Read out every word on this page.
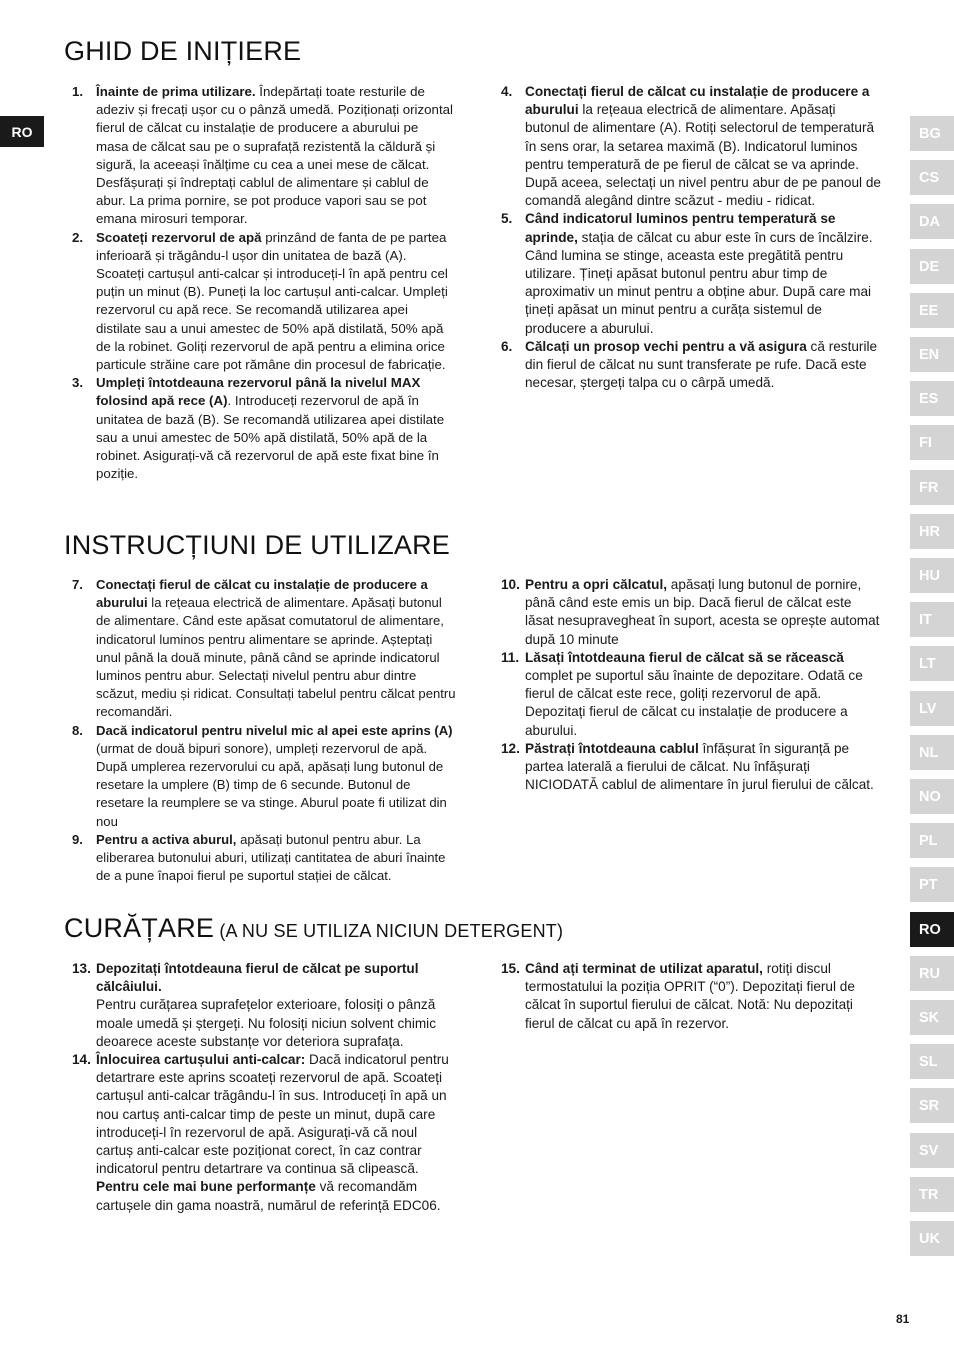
RO
GHID DE INIȚIERE
INSTRUCȚIUNI DE UTILIZARE
CURĂȚARE (A NU SE UTILIZA NICIUN DETERGENT)
1. Înainte de prima utilizare. Îndepărtați toate resturile de adeziv și frecați ușor cu o pânză umedă. Poziționați orizontal fierul de călcat cu instalație de producere a aburului pe masa de călcat sau pe o suprafață rezistentă la căldură și sigură, la aceeași înălțime cu cea a unei mese de călcat. Desfășurați și îndreptați cablul de alimentare și cablul de abur. La prima pornire, se pot produce vapori sau se pot emana mirosuri temporar.

2. Scoateți rezervorul de apă prinzând de fanta de pe partea inferioară și trăgându-l ușor din unitatea de bază (A). Scoateți cartușul anti-calcar și introduceți-l în apă pentru cel puțin un minut (B). Puneți la loc cartușul anti-calcar. Umpleți rezervorul cu apă rece. Se recomandă utilizarea apei distilate sau a unui amestec de 50% apă distilată, 50% apă de la robinet. Goliți rezervorul de apă pentru a elimina orice particule străine care pot rămâne din procesul de fabricație.

3. Umpleți întotdeauna rezervorul până la nivelul MAX folosind apă rece (A). Introduceți rezervorul de apă în unitatea de bază (B). Se recomandă utilizarea apei distilate sau a unui amestec de 50% apă distilată, 50% apă de la robinet. Asigurați-vă că rezervorul de apă este fixat bine în poziție.

4. Conectați fierul de călcat cu instalație de producere a aburului la rețeaua electrică de alimentare. Apăsați butonul de alimentare (A). Rotiți selectorul de temperatură în sens orar, la setarea maximă (B). Indicatorul luminos pentru temperatură de pe fierul de călcat se va aprinde. După aceea, selectați un nivel pentru abur de pe panoul de comandă alegând dintre scăzut - mediu - ridicat.

5. Când indicatorul luminos pentru temperatură se aprinde, stația de călcat cu abur este în curs de încălzire. Când lumina se stinge, aceasta este pregătită pentru utilizare. Țineți apăsat butonul pentru abur timp de aproximativ un minut pentru a obține abur. După care mai țineți apăsat un minut pentru a curăța sistemul de producere a aburului.

6. Călcați un prosop vechi pentru a vă asigura că resturile din fierul de călcat nu sunt transferate pe rufe. Dacă este necesar, ștergeți talpa cu o cârpă umedă.

7. Conectați fierul de călcat cu instalație de producere a aburului la rețeaua electrică de alimentare. Apăsați butonul de alimentare. Când este apăsat comutatorul de alimentare, indicatorul luminos pentru alimentare se aprinde. Așteptați unul până la două minute, până când se aprinde indicatorul luminos pentru abur. Selectați nivelul pentru abur dintre scăzut, mediu și ridicat. Consultați tabelul pentru călcat pentru recomandări.

8. Dacă indicatorul pentru nivelul mic al apei este aprins (A) (urmat de două bipuri sonore), umpleți rezervorul de apă. După umplerea rezervorului cu apă, apăsați lung butonul de resetare la umplere (B) timp de 6 secunde. Butonul de resetare la reumplere se va stinge. Aburul poate fi utilizat din nou

9. Pentru a activa aburul, apăsați butonul pentru abur. La eliberarea butonului aburi, utilizați cantitatea de aburi înainte de a pune înapoi fierul pe suportul stației de călcat.

10. Pentru a opri călcatul, apăsați lung butonul de pornire, până când este emis un bip. Dacă fierul de călcat este lăsat nesupravegheat în suport, acesta se oprește automat după 10 minute

11. Lăsați întotdeauna fierul de călcat să se răcească complet pe suportul său înainte de depozitare. Odată ce fierul de călcat este rece, goliți rezervorul de apă. Depozitați fierul de călcat cu instalație de producere a aburului.

12. Păstrați întotdeauna cablul înfășurat în siguranță pe partea laterală a fierului de călcat. Nu înfășurați NICIODATĂ cablul de alimentare în jurul fierului de călcat.

13. Depozitați întotdeauna fierul de călcat pe suportul călcâiului.

Pentru curățarea suprafețelor exterioare, folosiți o pânză moale umedă și ștergeți. Nu folosiți niciun solvent chimic deoarece aceste substanțe vor deteriora suprafața.

14. Înlocuirea cartușului anti-calcar: Dacă indicatorul pentru detartrare este aprins scoateți rezervorul de apă. Scoateți cartușul anti-calcar trăgându-l în sus. Introduceți în apă un nou cartuș anti-calcar timp de peste un minut, după care introduceți-l în rezervorul de apă. Asigurați-vă că noul cartuș anti-calcar este poziționat corect, în caz contrar indicatorul pentru detartrare va continua să clipească.

Pentru cele mai bune performanțe vă recomandăm cartușele din gama noastră, numărul de referință EDC06.

15. Când ați terminat de utilizat aparatul, rotiți discul termostatului la poziția OPRIT (“0”). Depozitați fierul de călcat în suportul fierului de călcat. Notă: Nu depozitați fierul de călcat cu apă în rezervor.

BG
CS
DA
DE
EE
EN
ES
FI
FR
HR
HU
IT
LT
LV
NL
NO
PL
PT
RO
RU
SK
SL
SR
SV
TR
UK
81
